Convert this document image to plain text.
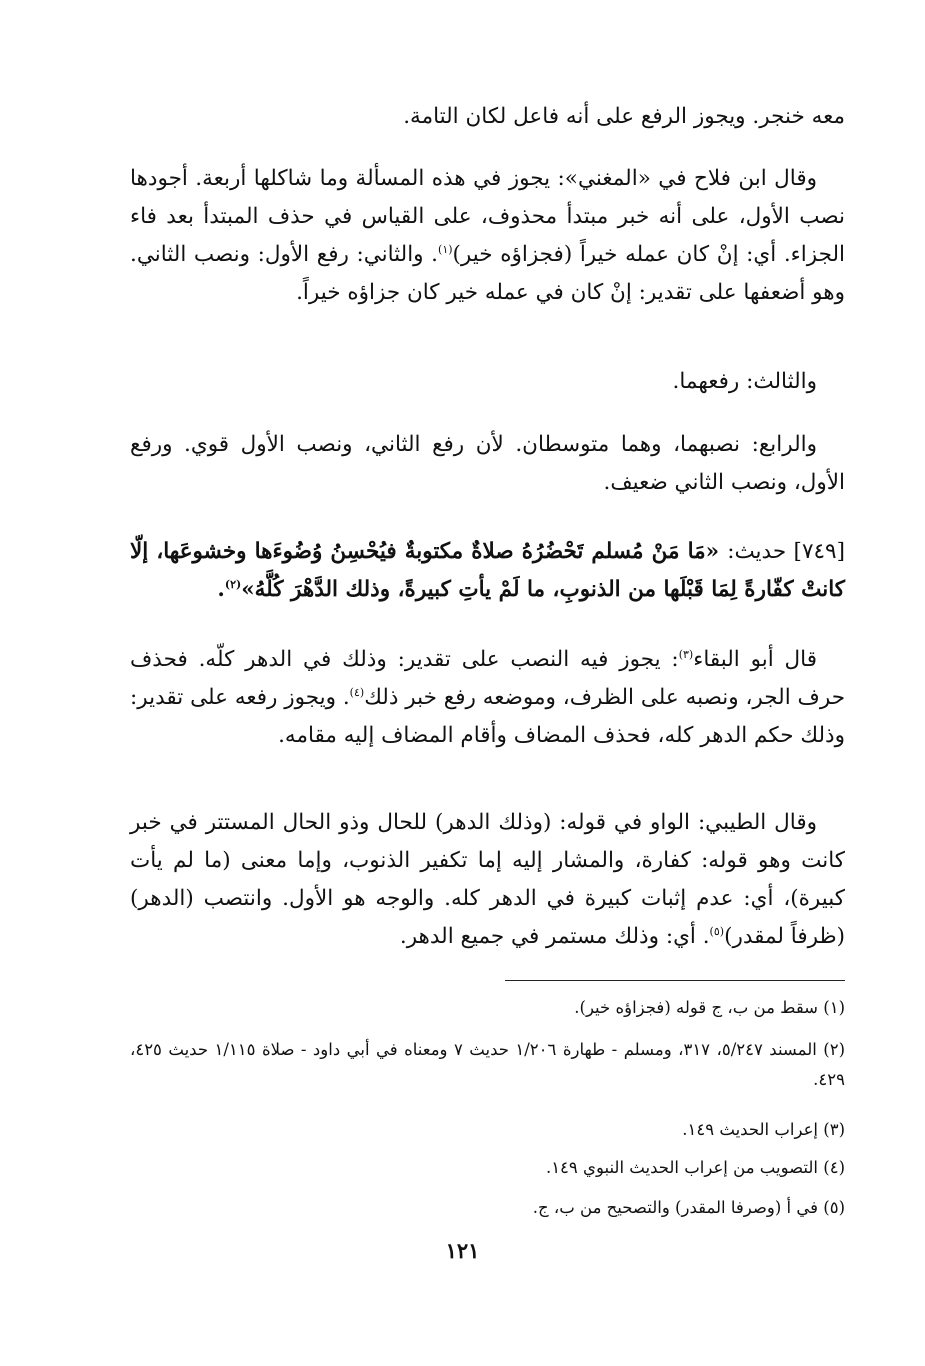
معه خنجر. ويجوز الرفع على أنه فاعل لكان التامة.

وقال ابن فلاح في «المغني»: يجوز في هذه المسألة وما شاكلها أربعة. أجودها نصب الأول، على أنه خبر مبتدأ محذوف، على القياس في حذف المبتدأ بعد فاء الجزاء. أي: إنْ كان عمله خيراً (فجزاؤه خير)$^{(١)}$. والثاني: رفع الأول: ونصب الثاني. وهو أضعفها على تقدير: إنْ كان في عمله خير كان جزاؤه خيراً.

والثالث: رفعهما.

والرابع: نصبهما، وهما متوسطان. لأن رفع الثاني، ونصب الأول قوي. ورفع الأول، ونصب الثاني ضعيف.

[٧٤٩] حديث: «مَا مَنْ مُسلم تَحْضُرُهُ صلاةٌ مكتوبةٌ فيُحْسِنُ وُضُوءَها وخشوعَها، إلّا كانتْ كفّارةً لِمَا قَبْلَها من الذنوبِ، ما لَمْ يأتِ كبيرةً، وذلك الدَّهْرَ كُلَّهُ»$^{(٢)}$.

قال أبو البقاء$^{(٣)}$: يجوز فيه النصب على تقدير: وذلك في الدهر كلّه. فحذف حرف الجر، ونصبه على الظرف، وموضعه رفع خبر ذلك$^{(٤)}$. ويجوز رفعه على تقدير: وذلك حكم الدهر كله، فحذف المضاف وأقام المضاف إليه مقامه.

وقال الطيبي: الواو في قوله: (وذلك الدهر) للحال وذو الحال المستتر في خبر كانت وهو قوله: كفارة، والمشار إليه إما تكفير الذنوب، وإما معنى (ما لم يأت كبيرة)، أي: عدم إثبات كبيرة في الدهر كله. والوجه هو الأول. وانتصب (الدهر) (ظرفاً لمقدر)$^{(٥)}$. أي: وذلك مستمر في جميع الدهر.

(١) سقط من ب، ج قوله (فجزاؤه خير).

(٢) المسند ٥/٢٤٧، ٣١٧، ومسلم - طهارة ١/٢٠٦ حديث ٧ ومعناه في أبي داود - صلاة ١/١١٥ حديث ٤٢٥، ٤٢٩.

(٣) إعراب الحديث ١٤٩.

(٤) التصويب من إعراب الحديث النبوي ١٤٩.

(٥) في أ (وصرفا المقدر) والتصحيح من ب، ج.

١٢١
